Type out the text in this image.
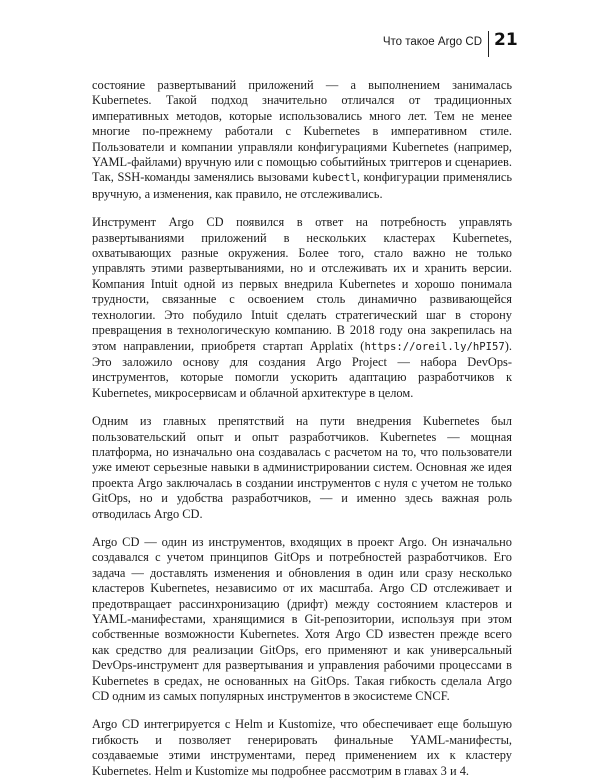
Что такое Argo CD 21

состояние развертываний приложений — а выполнением занималась Kubernetes. Такой подход значительно отличался от традиционных императивных методов, которые использовались много лет. Тем не менее многие по-прежнему работали с Kubernetes в императивном стиле. Пользователи и компании управляли конфигурациями Kubernetes (например, YAML-файлами) вручную или с помощью событийных триггеров и сценариев. Так, SSH-команды заменялись вызовами kubectl, конфигурации применялись вручную, а изменения, как правило, не отслеживались.

Инструмент Argo CD появился в ответ на потребность управлять развертываниями приложений в нескольких кластерах Kubernetes, охватывающих разные окружения. Более того, стало важно не только управлять этими развертываниями, но и отслеживать их и хранить версии. Компания Intuit одной из первых внедрила Kubernetes и хорошо понимала трудности, связанные с освоением столь динамично развивающейся технологии. Это побудило Intuit сделать стратегический шаг в сторону превращения в технологическую компанию. В 2018 году она закрепилась на этом направлении, приобретя стартап Applatix (https://oreil.ly/hPI57). Это заложило основу для создания Argo Project — набора DevOps-инструментов, которые помогли ускорить адаптацию разработчиков к Kubernetes, микросервисам и облачной архитектуре в целом.

Одним из главных препятствий на пути внедрения Kubernetes был пользовательский опыт и опыт разработчиков. Kubernetes — мощная платформа, но изначально она создавалась с расчетом на то, что пользователи уже имеют серьезные навыки в администрировании систем. Основная же идея проекта Argo заключалась в создании инструментов с нуля с учетом не только GitOps, но и удобства разработчиков, — и именно здесь важная роль отводилась Argo CD.

Argo CD — один из инструментов, входящих в проект Argo. Он изначально создавался с учетом принципов GitOps и потребностей разработчиков. Его задача — доставлять изменения и обновления в один или сразу несколько кластеров Kubernetes, независимо от их масштаба. Argo CD отслеживает и предотвращает рассинхронизацию (дрифт) между состоянием кластеров и YAML-манифестами, хранящимися в Git-репозитории, используя при этом собственные возможности Kubernetes. Хотя Argo CD известен прежде всего как средство для реализации GitOps, его применяют и как универсальный DevOps-инструмент для развертывания и управления рабочими процессами в Kubernetes в средах, не основанных на GitOps. Такая гибкость сделала Argo CD одним из самых популярных инструментов в экосистеме CNCF.

Argo CD интегрируется с Helm и Kustomize, что обеспечивает еще большую гибкость и позволяет генерировать финальные YAML-манифесты, создаваемые этими инструментами, перед применением их к кластеру Kubernetes. Helm и Kustomize мы подробнее рассмотрим в главах 3 и 4.
